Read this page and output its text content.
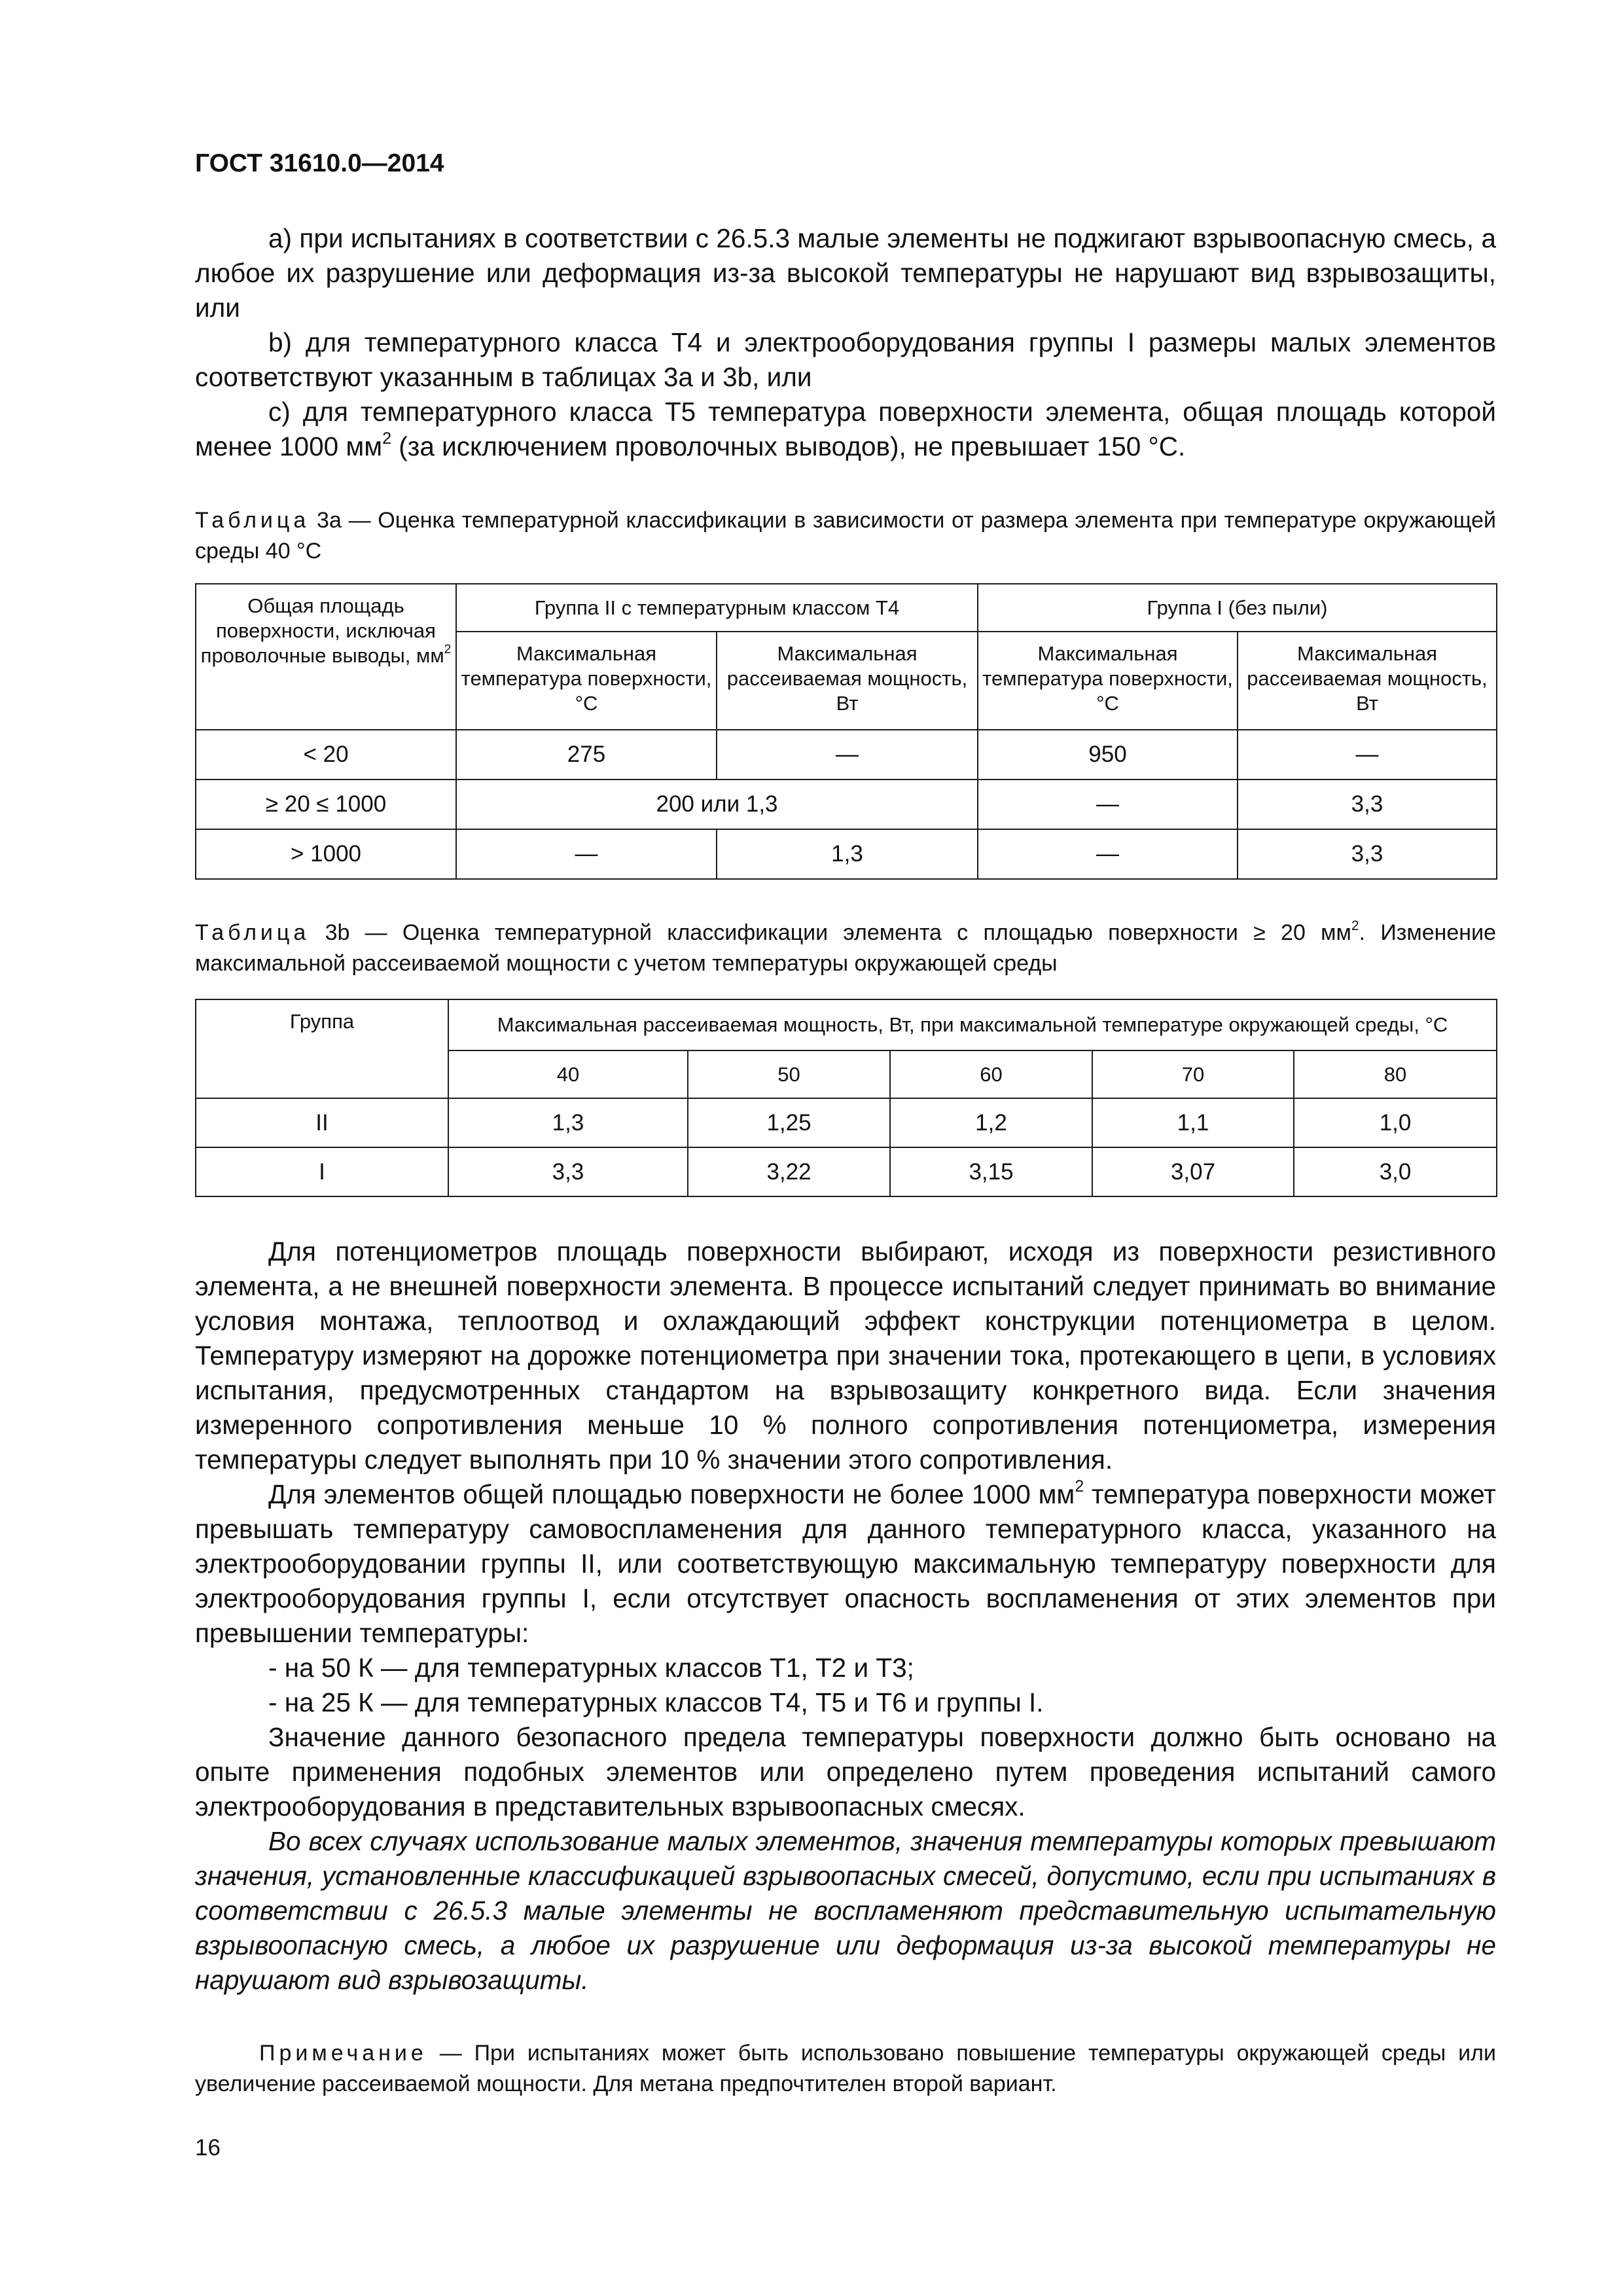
ГОСТ 31610.0—2014

a) при испытаниях в соответствии с 26.5.3 малые элементы не поджигают взрывоопасную смесь, а любое их разрушение или деформация из-за высокой температуры не нарушают вид взрывозащиты, или

b) для температурного класса Т4 и электрооборудования группы I размеры малых элементов соответствуют указанным в таблицах 3а и 3b, или

c) для температурного класса Т5 температура поверхности элемента, общая площадь которой менее 1000 $мм^2$ (за исключением проволочных выводов), не превышает 150 °С.

Таблица 3а — Оценка температурной классификации в зависимости от размера элемента при температуре окружающей среды 40 °С
Общая площадь поверхности, исключая проволочные выводы, $мм^2$	Группа II с температурным классом Т4		Группа I (без пыли)	
	Максимальная температура поверхности, °С	Максимальная рассеиваемая мощность, Вт	Максимальная температура поверхности, °С	Максимальная рассеиваемая мощность, Вт
< 20	275	—	950	—
≥ 20 ≤ 1000	200 или 1,3		—	3,3
> 1000	—	1,3	—	3,3
Таблица 3b — Оценка температурной классификации элемента с площадью поверхности ≥ 20 $мм^2$. Изменение максимальной рассеиваемой мощности с учетом температуры окружающей среды
Группа	Максимальная рассеиваемая мощность, Вт, при максимальной температуре окружающей среды, °С				
	40	50	60	70	80
II	1,3	1,25	1,2	1,1	1,0
I	3,3	3,22	3,15	3,07	3,0

Для потенциометров площадь поверхности выбирают, исходя из поверхности резистивного элемента, а не внешней поверхности элемента. В процессе испытаний следует принимать во внимание условия монтажа, теплоотвод и охлаждающий эффект конструкции потенциометра в целом. Температуру измеряют на дорожке потенциометра при значении тока, протекающего в цепи, в условиях испытания, предусмотренных стандартом на взрывозащиту конкретного вида. Если значения измеренного сопротивления меньше 10 % полного сопротивления потенциометра, измерения температуры следует выполнять при 10 % значении этого сопротивления.

Для элементов общей площадью поверхности не более 1000 $мм^2$ температура поверхности может превышать температуру самовоспламенения для данного температурного класса, указанного на электрооборудовании группы II, или соответствующую максимальную температуру поверхности для электрооборудования группы I, если отсутствует опасность воспламенения от этих элементов при превышении температуры:

- на 50 К — для температурных классов Т1, Т2 и Т3;

- на 25 К — для температурных классов Т4, Т5 и Т6 и группы I.

Значение данного безопасного предела температуры поверхности должно быть основано на опыте применения подобных элементов или определено путем проведения испытаний самого электрооборудования в представительных взрывоопасных смесях.

Во всех случаях использование малых элементов, значения температуры которых превышают значения, установленные классификацией взрывоопасных смесей, допустимо, если при испытаниях в соответствии с 26.5.3 малые элементы не воспламеняют представительную испытательную взрывоопасную смесь, а любое их разрушение или деформация из-за высокой температуры не нарушают вид взрывозащиты.

Примечание — При испытаниях может быть использовано повышение температуры окружающей среды или увеличение рассеиваемой мощности. Для метана предпочтителен второй вариант.
16
